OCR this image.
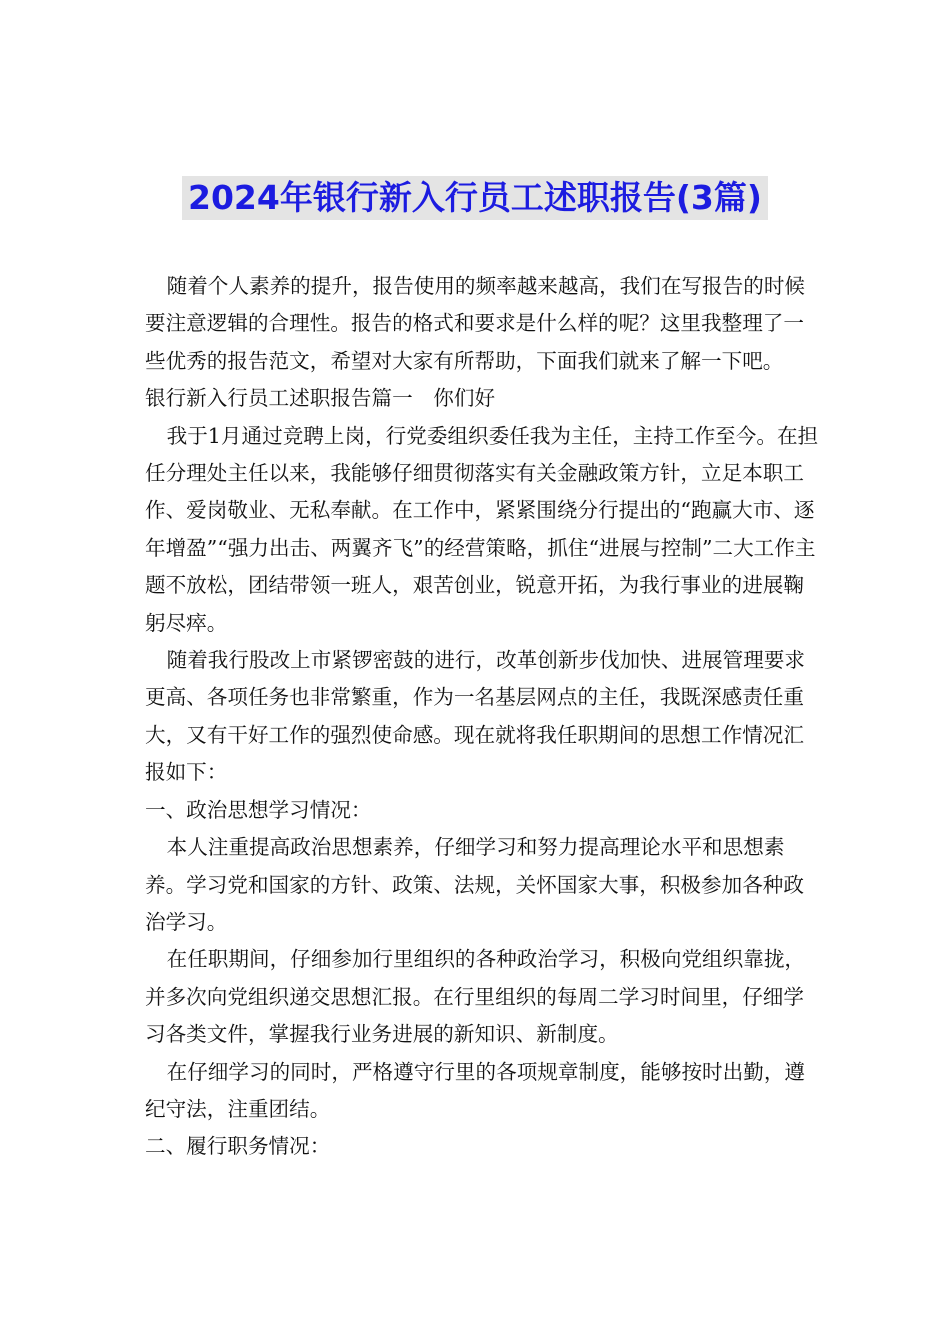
2024年银行新入行员工述职报告(3篇)

随着个人素养的提升，报告使用的频率越来越高，我们在写报告的时候要注意逻辑的合理性。报告的格式和要求是什么样的呢？这里我整理了一些优秀的报告范文，希望对大家有所帮助，下面我们就来了解一下吧。

银行新入行员工述职报告篇一　你们好

我于1月通过竞聘上岗，行党委组织委任我为主任，主持工作至今。在担任分理处主任以来，我能够仔细贯彻落实有关金融政策方针，立足本职工作、爱岗敬业、无私奉献。在工作中，紧紧围绕分行提出的“跑赢大市、逐年增盈”“强力出击、两翼齐飞”的经营策略，抓住“进展与控制”二大工作主题不放松，团结带领一班人，艰苦创业，锐意开拓，为我行事业的进展鞠躬尽瘁。

随着我行股改上市紧锣密鼓的进行，改革创新步伐加快、进展管理要求更高、各项任务也非常繁重，作为一名基层网点的主任，我既深感责任重大，又有干好工作的强烈使命感。现在就将我任职期间的思想工作情况汇报如下：

一、政治思想学习情况：

本人注重提高政治思想素养，仔细学习和努力提高理论水平和思想素养。学习党和国家的方针、政策、法规，关怀国家大事，积极参加各种政治学习。

在任职期间，仔细参加行里组织的各种政治学习，积极向党组织靠拢，并多次向党组织递交思想汇报。在行里组织的每周二学习时间里，仔细学习各类文件，掌握我行业务进展的新知识、新制度。

在仔细学习的同时，严格遵守行里的各项规章制度，能够按时出勤，遵纪守法，注重团结。

二、履行职务情况：
